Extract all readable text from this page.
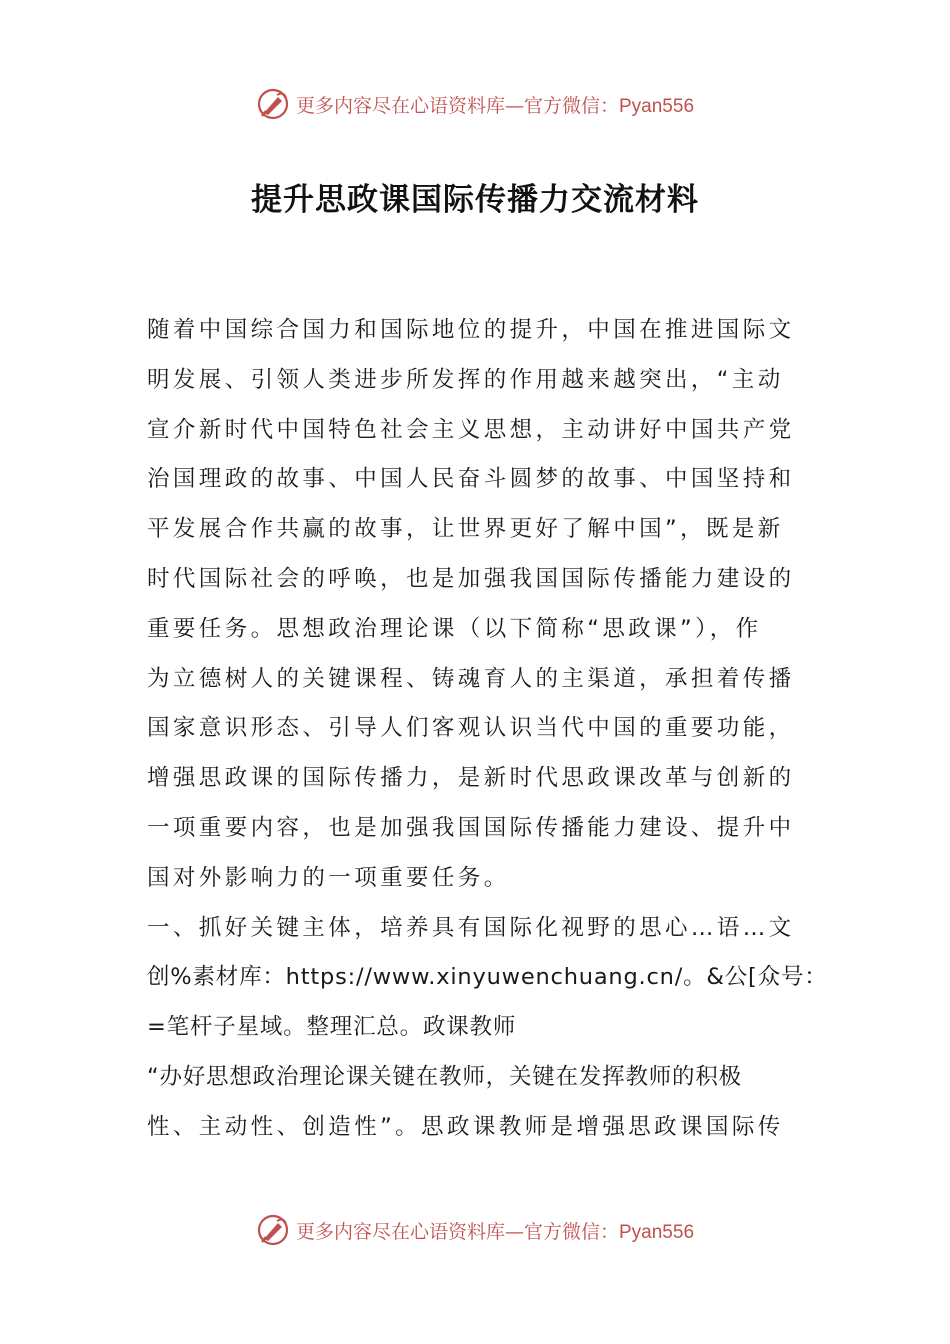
更多内容尽在心语资料库—官方微信：Pyan556
提升思政课国际传播力交流材料
随着中国综合国力和国际地位的提升，中国在推进国际文
明发展、引领人类进步所发挥的作用越来越突出，“主动
宣介新时代中国特色社会主义思想，主动讲好中国共产党
治国理政的故事、中国人民奋斗圆梦的故事、中国坚持和
平发展合作共赢的故事，让世界更好了解中国”，既是新
时代国际社会的呼唤，也是加强我国国际传播能力建设的
重要任务。思想政治理论课（以下简称“思政课”），作
为立德树人的关键课程、铸魂育人的主渠道，承担着传播
国家意识形态、引导人们客观认识当代中国的重要功能，
增强思政课的国际传播力，是新时代思政课改革与创新的
一项重要内容，也是加强我国国际传播能力建设、提升中
国对外影响力的一项重要任务。
一、抓好关键主体，培养具有国际化视野的思心…语…文
创%素材库：https://www.xinyuwenchuang.cn/。&公[众号：
=笔杆子星域。整理汇总。政课教师
“办好思想政治理论课关键在教师，关键在发挥教师的积极
性、主动性、创造性”。思政课教师是增强思政课国际传
更多内容尽在心语资料库—官方微信：Pyan556
